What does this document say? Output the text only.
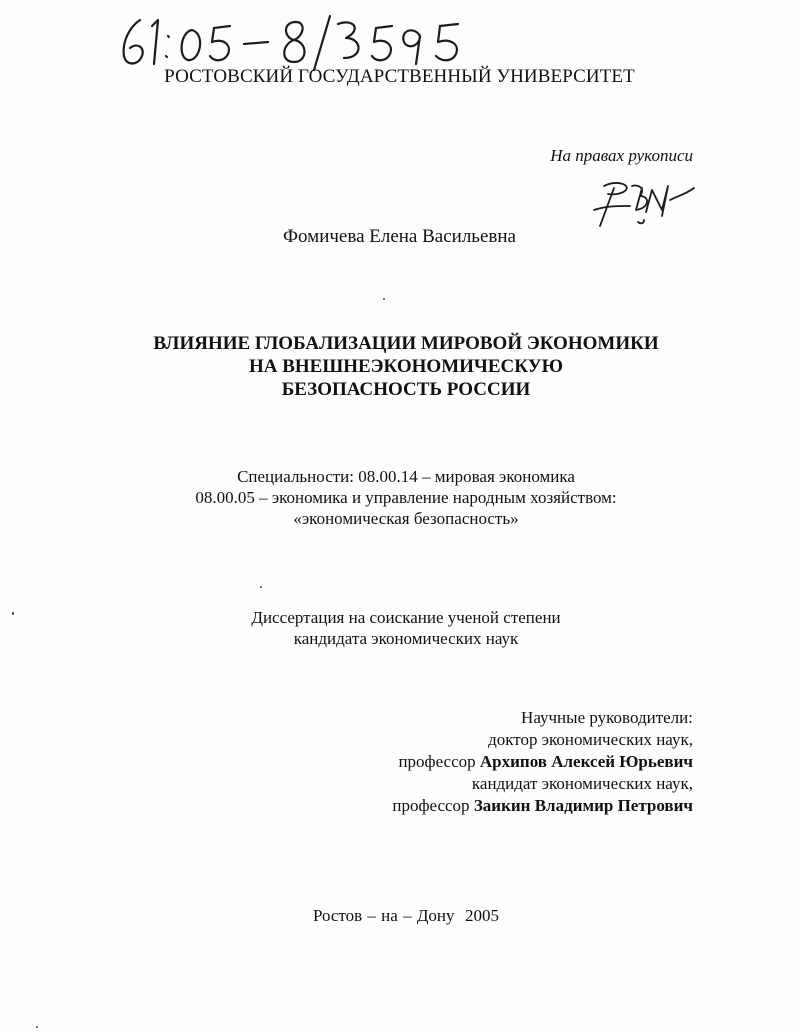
РОСТОВСКИЙ ГОСУДАРСТВЕННЫЙ УНИВЕРСИТЕТ
На правах рукописи
Фомичева Елена Васильевна
ВЛИЯНИЕ ГЛОБАЛИЗАЦИИ МИРОВОЙ ЭКОНОМИКИ
НА ВНЕШНЕЭКОНОМИЧЕСКУЮ
БЕЗОПАСНОСТЬ РОССИИ
Специальности: 08.00.14 – мировая экономика
08.00.05 – экономика и управление народным хозяйством:
«экономическая безопасность»
Диссертация на соискание ученой степени
кандидата экономических наук
Научные руководители:
доктор экономических наук,
профессор Архипов Алексей Юрьевич
кандидат экономических наук,
профессор Заикин Владимир Петрович
Ростов – на – Дону 2005
